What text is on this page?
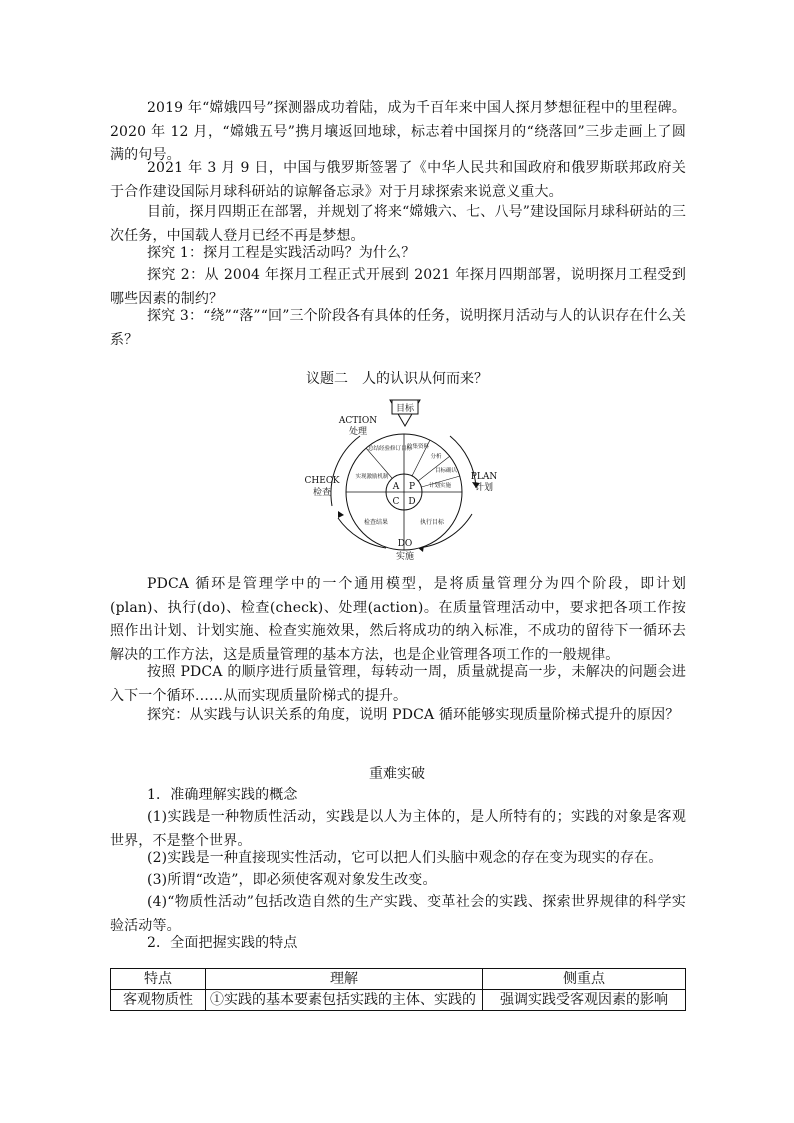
2019 年“嫦娥四号”探测器成功着陆，成为千百年来中国人探月梦想征程中的里程碑。2020 年 12 月，“嫦娥五号”携月壤返回地球，标志着中国探月的“绕落回”三步走画上了圆满的句号。

2021 年 3 月 9 日，中国与俄罗斯签署了《中华人民共和国政府和俄罗斯联邦政府关于合作建设国际月球科研站的谅解备忘录》对于月球探索来说意义重大。

目前，探月四期正在部署，并规划了将来“嫦娥六、七、八号”建设国际月球科研站的三次任务，中国载人登月已经不再是梦想。

探究 1：探月工程是实践活动吗？为什么？

探究 2：从 2004 年探月工程正式开展到 2021 年探月四期部署，说明探月工程受到哪些因素的制约？

探究 3：“绕”“落”“回”三个阶段各有具体的任务，说明探月活动与人的认识存在什么关系？

议题二　人的认识从何而来？

目标
ACTION
处理
CHECK
检查
PLAN
计划
DO
实施
A P
C D
总结经验修订目标
收集资料
分析
目标确认
计划实施
实现激励机制
检查结果	执行目标

PDCA 循环是管理学中的一个通用模型，是将质量管理分为四个阶段，即计划(plan)、执行(do)、检查(check)、处理(action)。在质量管理活动中，要求把各项工作按照作出计划、计划实施、检查实施效果，然后将成功的纳入标准，不成功的留待下一循环去解决的工作方法，这是质量管理的基本方法，也是企业管理各项工作的一般规律。

按照 PDCA 的顺序进行质量管理，每转动一周，质量就提高一步，未解决的问题会进入下一个循环……从而实现质量阶梯式的提升。

探究：从实践与认识关系的角度，说明 PDCA 循环能够实现质量阶梯式提升的原因？

重难实破

1．准确理解实践的概念

(1)实践是一种物质性活动，实践是以人为主体的，是人所特有的；实践的对象是客观世界，不是整个世界。

(2)实践是一种直接现实性活动，它可以把人们头脑中观念的存在变为现实的存在。

(3)所谓“改造”，即必须使客观对象发生改变。

(4)“物质性活动”包括改造自然的生产实践、变革社会的实践、探索世界规律的科学实验活动等。

2．全面把握实践的特点

特点	理解	侧重点
客观物质性	①实践的基本要素包括实践的主体、实践的	强调实践受客观因素的影响
